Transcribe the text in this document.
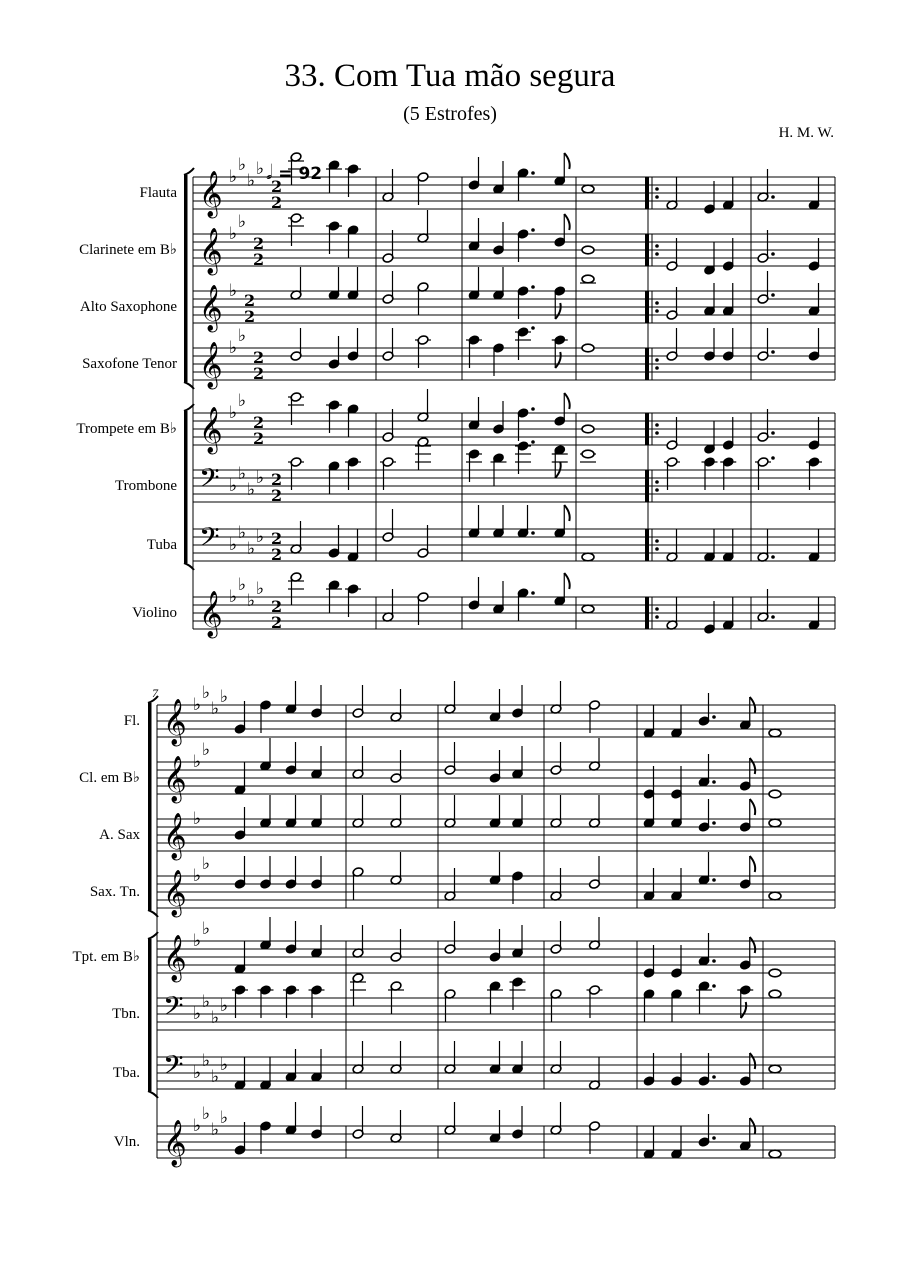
33. Com Tua mão segura
(5 Estrofes)
H. M. W.
𝅗𝅥 = 92
Flauta 𝄞 ♭
♭
♭
♭
2
2
Clarinete em B♭ 𝄞 ♭
♭
2
2
Alto Saxophone 𝄞 ♭ 2
2
Saxofone Tenor 𝄞 ♭
♭
2
2
Trompete em B♭ 𝄞 ♭
♭
2
2
Trombone 𝄢 ♭
♭
♭
♭ 2
2
Tuba 𝄢 ♭
♭
♭
♭ 2
2
Violino 𝄞 ♭
♭
♭
♭
2
2
Fl. 𝄞 ♭
♭
♭
♭
Cl. em B♭ 𝄞 ♭
♭
A. Sax 𝄞 ♭
Sax. Tn. 𝄞 ♭
♭
Tpt. em B♭ 𝄞 ♭
♭
Tbn. 𝄢 ♭
♭
♭
♭
Tba. 𝄢 ♭
♭
♭
♭
Vln. 𝄞 ♭
♭
♭
♭
7
